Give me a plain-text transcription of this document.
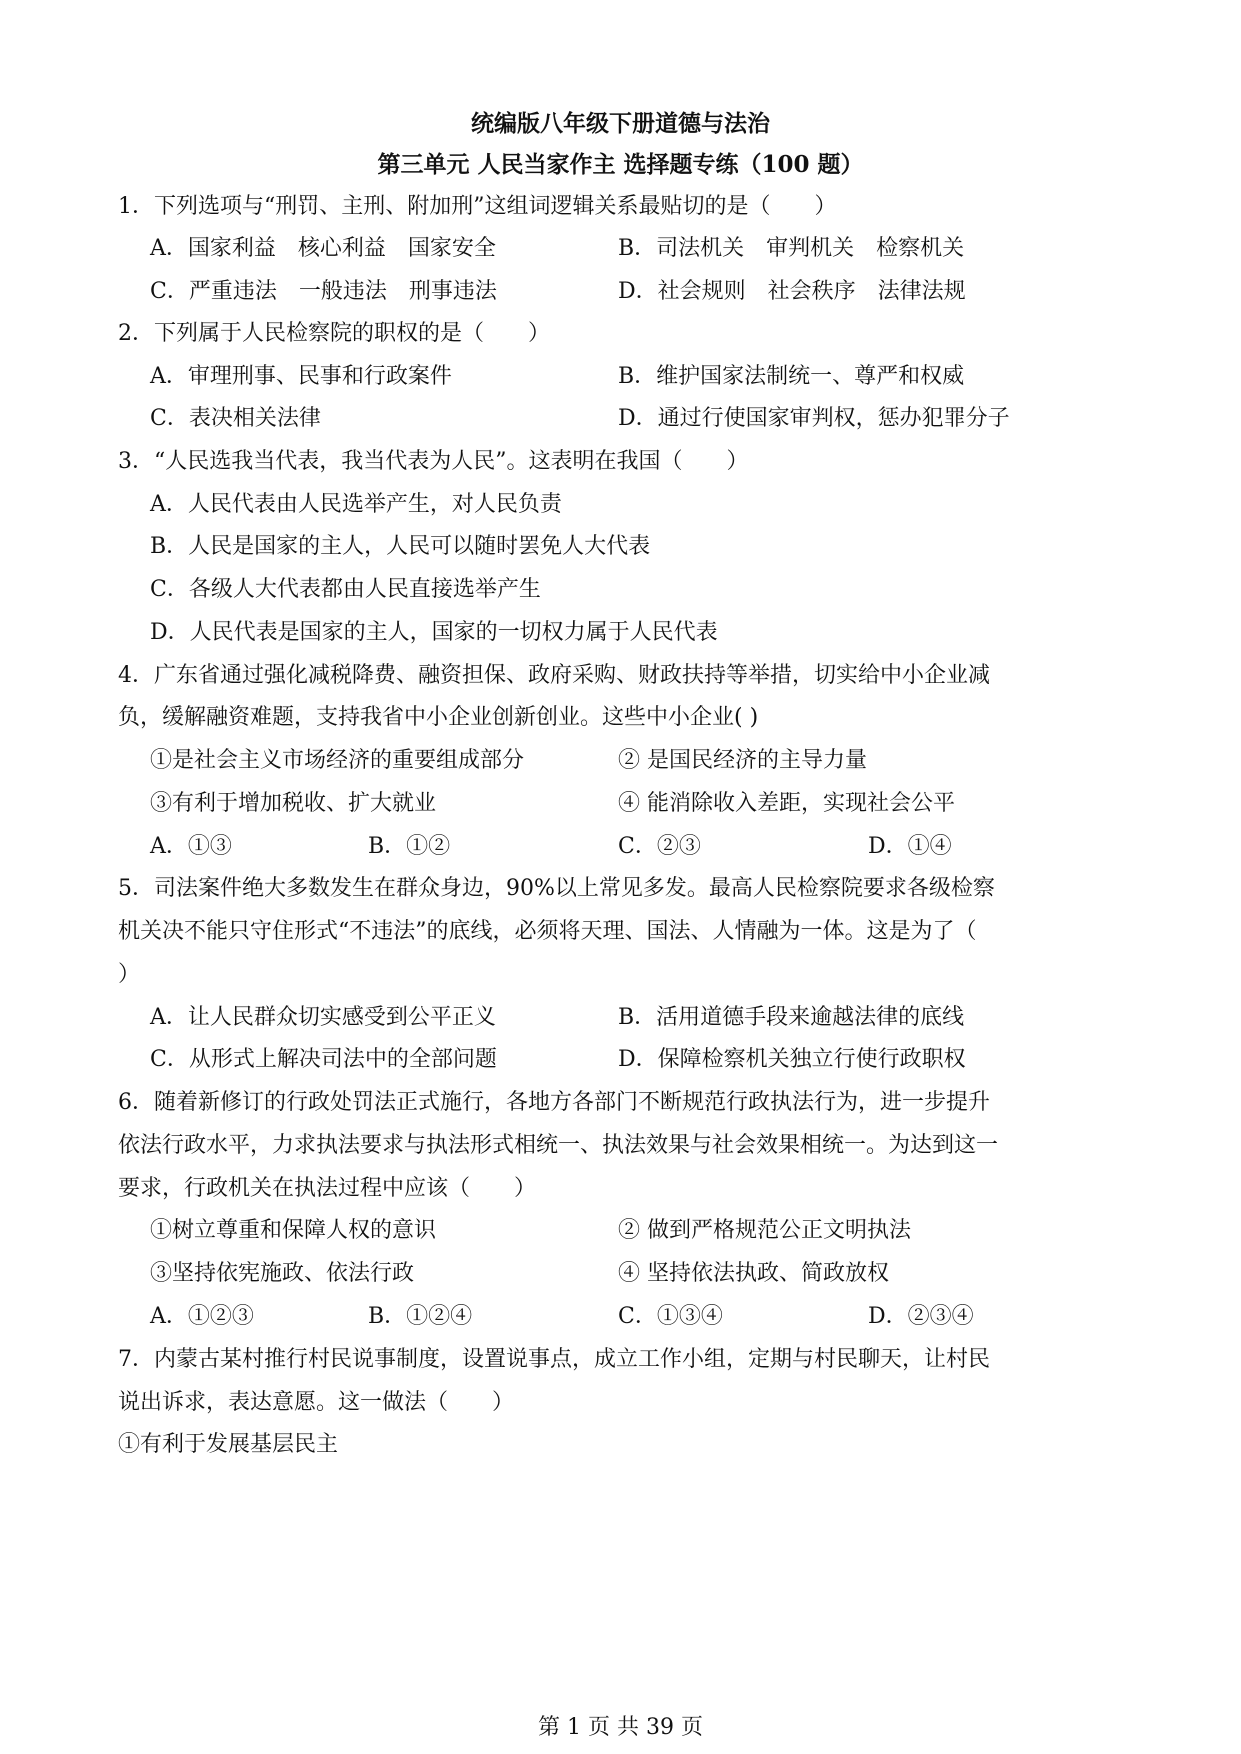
统编版八年级下册道德与法治
第三单元 人民当家作主 选择题专练（100 题）
1．下列选项与“刑罚、主刑、附加刑”这组词逻辑关系最贴切的是（　　）
A．国家利益　核心利益　国家安全	B．司法机关　审判机关　检察机关
C．严重违法　一般违法　刑事违法	D．社会规则　社会秩序　法律法规
2．下列属于人民检察院的职权的是（　　）
A．审理刑事、民事和行政案件	B．维护国家法制统一、尊严和权威
C．表决相关法律	D．通过行使国家审判权，惩办犯罪分子
3．“人民选我当代表，我当代表为人民”。这表明在我国（　　）
A．人民代表由人民选举产生，对人民负责
B．人民是国家的主人，人民可以随时罢免人大代表
C．各级人大代表都由人民直接选举产生
D．人民代表是国家的主人，国家的一切权力属于人民代表
4．广东省通过强化减税降费、融资担保、政府采购、财政扶持等举措，切实给中小企业减
负，缓解融资难题，支持我省中小企业创新创业。这些中小企业( )
①是社会主义市场经济的重要组成部分	② 是国民经济的主导力量
③有利于增加税收、扩大就业	④ 能消除收入差距，实现社会公平
A．①③	B．①②	C．②③	D．①④
5．司法案件绝大多数发生在群众身边，90%以上常见多发。最高人民检察院要求各级检察
机关决不能只守住形式“不违法”的底线，必须将天理、国法、人情融为一体。这是为了（
）
A．让人民群众切实感受到公平正义	B．活用道德手段来逾越法律的底线
C．从形式上解决司法中的全部问题	D．保障检察机关独立行使行政职权
6．随着新修订的行政处罚法正式施行，各地方各部门不断规范行政执法行为，进一步提升
依法行政水平，力求执法要求与执法形式相统一、执法效果与社会效果相统一。为达到这一
要求，行政机关在执法过程中应该（　　）
①树立尊重和保障人权的意识	② 做到严格规范公正文明执法
③坚持依宪施政、依法行政	④ 坚持依法执政、简政放权
A．①②③	B．①②④	C．①③④	D．②③④
7．内蒙古某村推行村民说事制度，设置说事点，成立工作小组，定期与村民聊天，让村民
说出诉求，表达意愿。这一做法（　　）
①有利于发展基层民主
第 1 页 共 39 页
